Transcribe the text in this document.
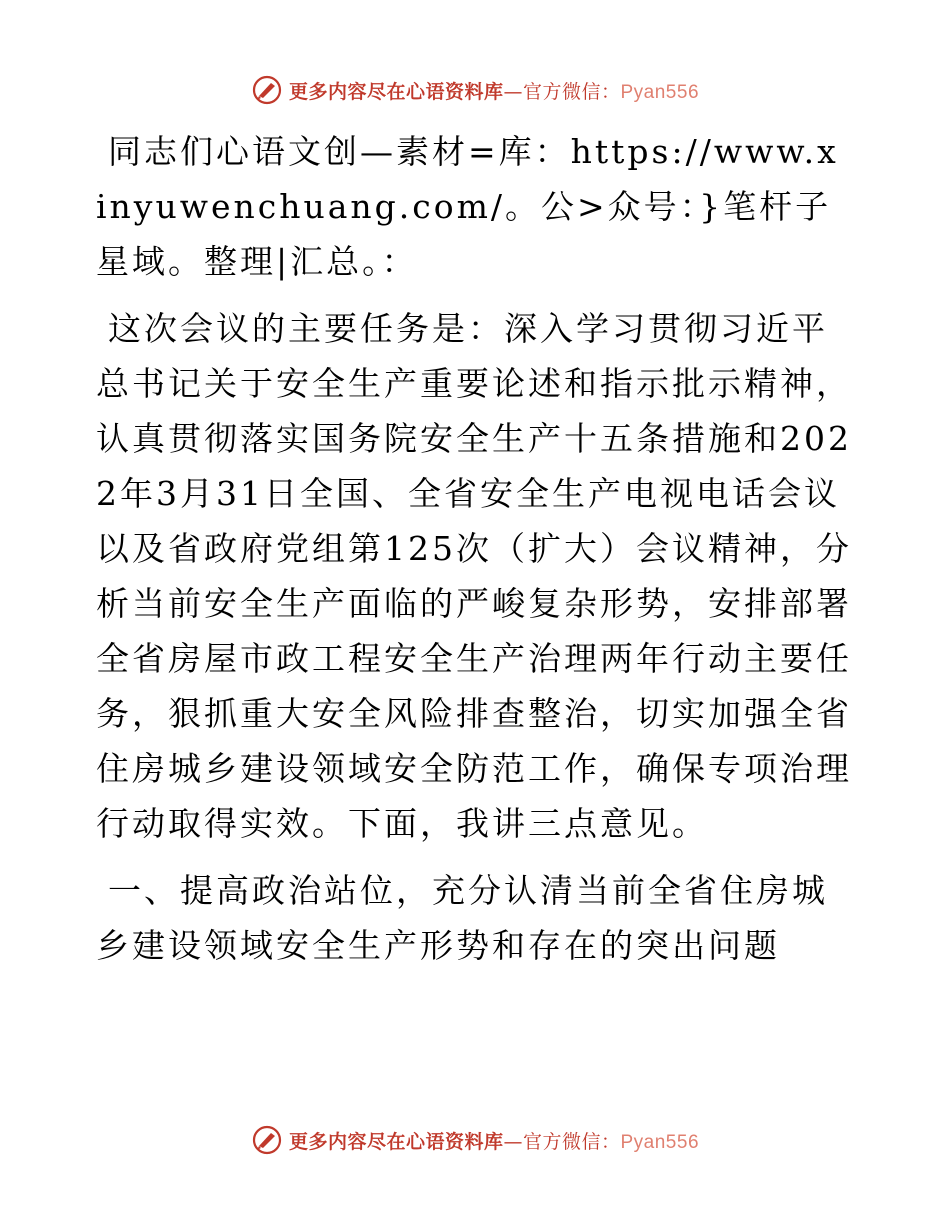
更多内容尽在心语资料库—官方微信：Pyan556

同志们心语文创—素材=库：https://www.xinyuwenchuang.com/。公>众号：}笔杆子星域。整理|汇总。：

这次会议的主要任务是：深入学习贯彻习近平总书记关于安全生产重要论述和指示批示精神，认真贯彻落实国务院安全生产十五条措施和2022年3月31日全国、全省安全生产电视电话会议以及省政府党组第125次（扩大）会议精神，分析当前安全生产面临的严峻复杂形势，安排部署全省房屋市政工程安全生产治理两年行动主要任务，狠抓重大安全风险排查整治，切实加强全省住房城乡建设领域安全防范工作，确保专项治理行动取得实效。下面，我讲三点意见。

一、提高政治站位，充分认清当前全省住房城乡建设领域安全生产形势和存在的突出问题

更多内容尽在心语资料库—官方微信：Pyan556
